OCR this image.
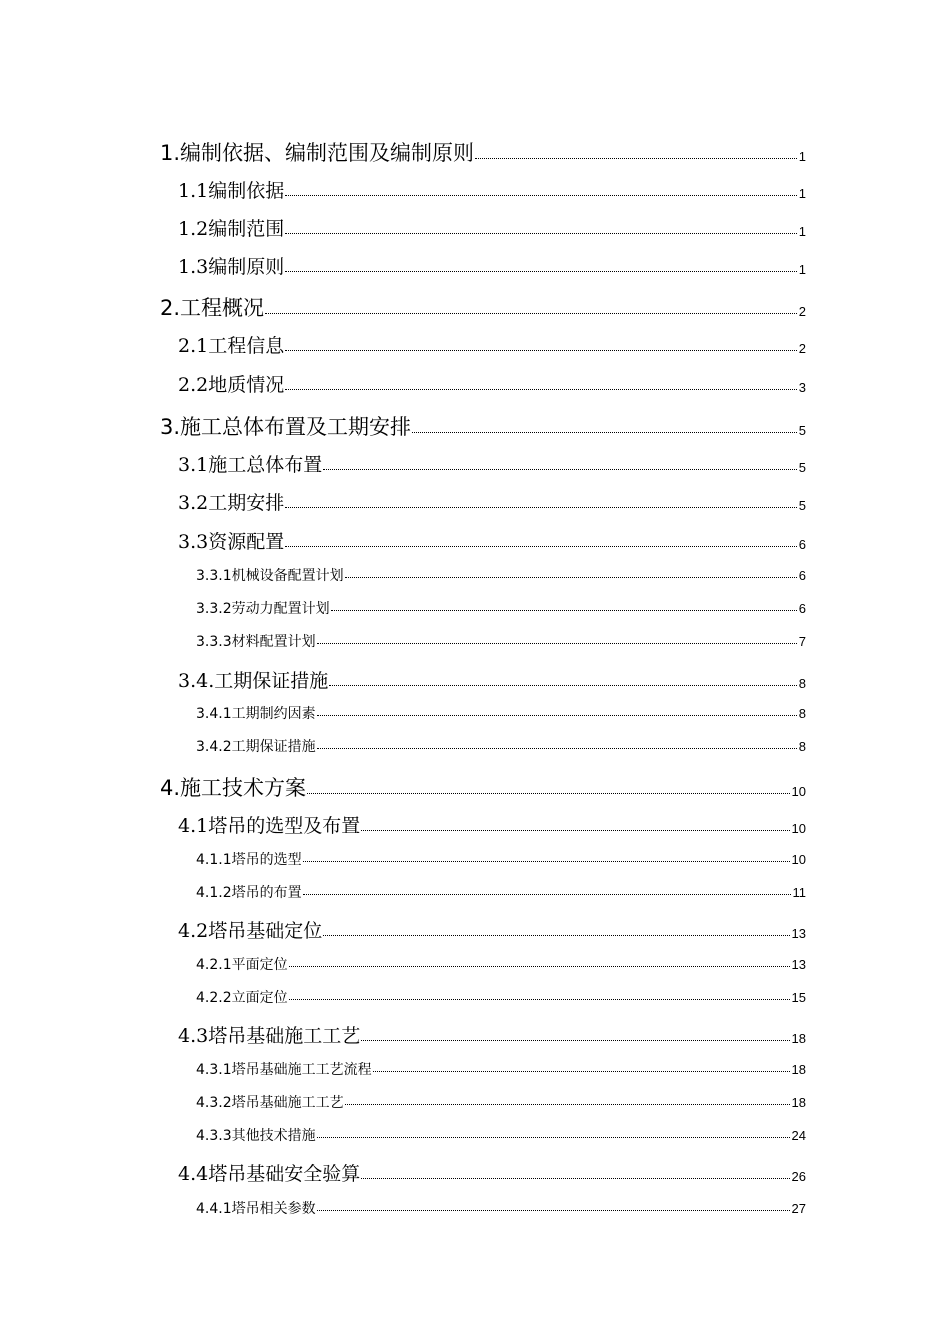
1.编制依据、编制范围及编制原则	1
1.1编制依据	1
1.2编制范围	1
1.3编制原则	1
2.工程概况	2
2.1工程信息	2
2.2地质情况	3
3.施工总体布置及工期安排	5
3.1施工总体布置	5
3.2工期安排	5
3.3资源配置	6
3.3.1机械设备配置计划	6
3.3.2劳动力配置计划	6
3.3.3材料配置计划	7
3.4.工期保证措施	8
3.4.1工期制约因素	8
3.4.2工期保证措施	8
4.施工技术方案	10
4.1塔吊的选型及布置	10
4.1.1塔吊的选型	10
4.1.2塔吊的布置	11
4.2塔吊基础定位	13
4.2.1平面定位	13
4.2.2立面定位	15
4.3塔吊基础施工工艺	18
4.3.1塔吊基础施工工艺流程	18
4.3.2塔吊基础施工工艺	18
4.3.3其他技术措施	24
4.4塔吊基础安全验算	26
4.4.1塔吊相关参数	27
